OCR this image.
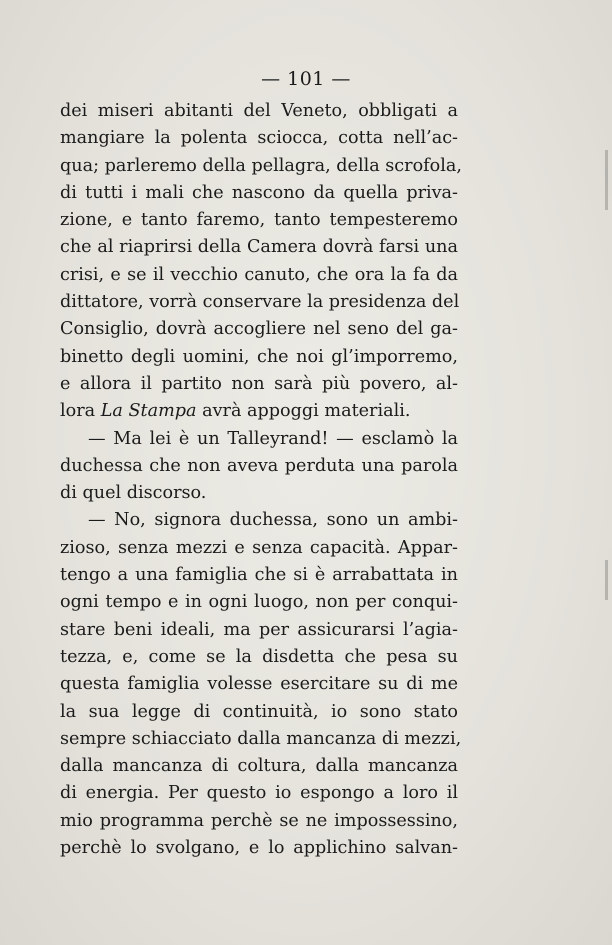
— 101 —
dei miseri abitanti del Veneto, obbligati a
mangiare la polenta sciocca, cotta nell’ac-
qua; parleremo della pellagra, della scrofola,
di tutti i mali che nascono da quella priva-
zione, e tanto faremo, tanto tempesteremo
che al riaprirsi della Camera dovrà farsi una
crisi, e se il vecchio canuto, che ora la fa da
dittatore, vorrà conservare la presidenza del
Consiglio, dovrà accogliere nel seno del ga-
binetto degli uomini, che noi gl’imporremo,
e allora il partito non sarà più povero, al-
lora La Stampa avrà appoggi materiali.
— Ma lei è un Talleyrand! — esclamò la
duchessa che non aveva perduta una parola
di quel discorso.
— No, signora duchessa, sono un ambi-
zioso, senza mezzi e senza capacità. Appar-
tengo a una famiglia che si è arrabattata in
ogni tempo e in ogni luogo, non per conqui-
stare beni ideali, ma per assicurarsi l’agia-
tezza, e, come se la disdetta che pesa su
questa famiglia volesse esercitare su di me
la sua legge di continuità, io sono stato
sempre schiacciato dalla mancanza di mezzi,
dalla mancanza di coltura, dalla mancanza
di energia. Per questo io espongo a loro il
mio programma perchè se ne impossessino,
perchè lo svolgano, e lo applichino salvan-
